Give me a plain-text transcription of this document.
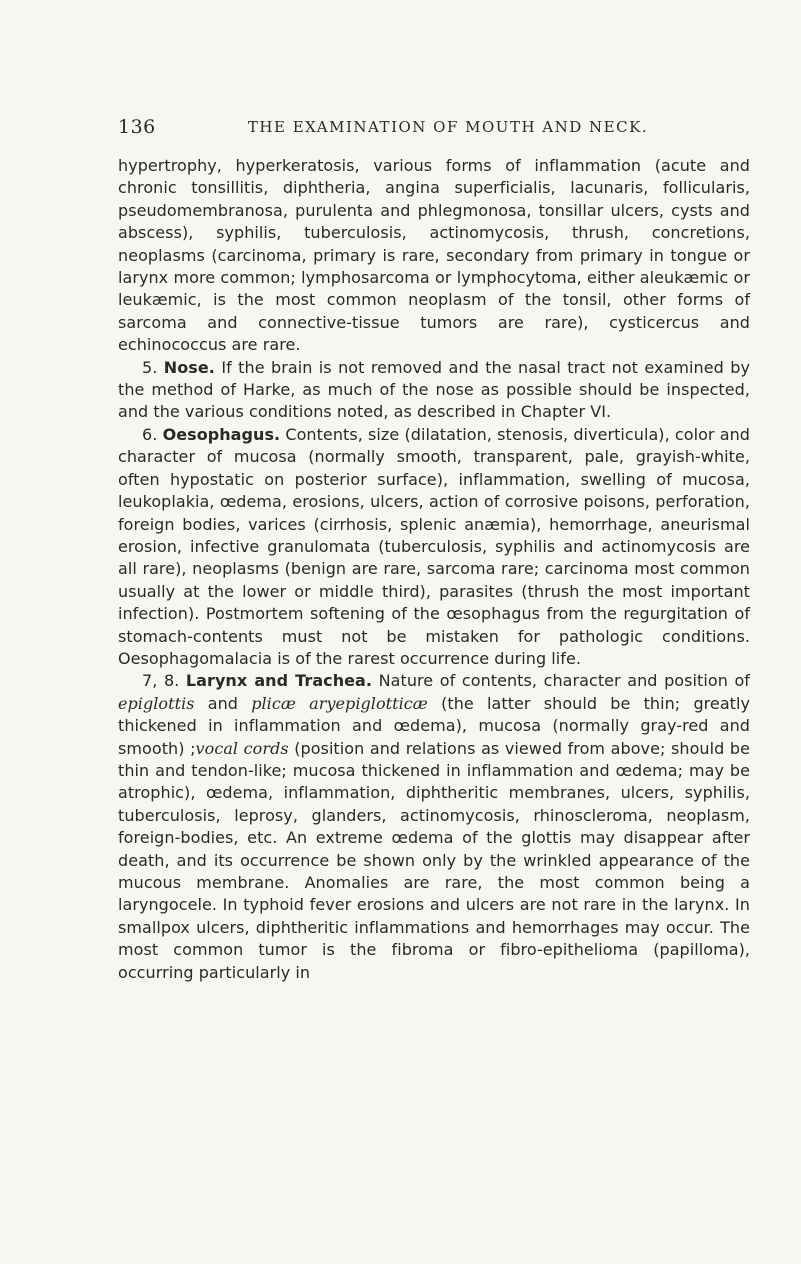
136	THE EXAMINATION OF MOUTH AND NECK.

hypertrophy, hyperkeratosis, various forms of inflammation (acute and chronic tonsillitis, diphtheria, angina superficialis, lacunaris, follicularis, pseudomembranosa, purulenta and phlegmonosa, tonsillar ulcers, cysts and abscess), syphilis, tuberculosis, actinomycosis, thrush, concretions, neoplasms (carcinoma, primary is rare, secondary from primary in tongue or larynx more common; lymphosarcoma or lymphocytoma, either aleukæmic or leukæmic, is the most common neoplasm of the tonsil, other forms of sarcoma and connective-tissue tumors are rare), cysticercus and echinococcus are rare.

5. Nose. If the brain is not removed and the nasal tract not examined by the method of Harke, as much of the nose as possible should be inspected, and the various conditions noted, as described in Chapter VI.

6. Oesophagus. Contents, size (dilatation, stenosis, diverticula), color and character of mucosa (normally smooth, transparent, pale, grayish-white, often hypostatic on posterior surface), inflammation, swelling of mucosa, leukoplakia, œdema, erosions, ulcers, action of corrosive poisons, perforation, foreign bodies, varices (cirrhosis, splenic anæmia), hemorrhage, aneurismal erosion, infective granulomata (tuberculosis, syphilis and actinomycosis are all rare), neoplasms (benign are rare, sarcoma rare; carcinoma most common usually at the lower or middle third), parasites (thrush the most important infection). Postmortem softening of the œsophagus from the regurgitation of stomach-contents must not be mistaken for pathologic conditions. Oesophagomalacia is of the rarest occurrence during life.

7, 8. Larynx and Trachea. Nature of contents, character and position of epiglottis and plicæ aryepiglotticæ (the latter should be thin; greatly thickened in inflammation and œdema), mucosa (normally gray-red and smooth) ;vocal cords (position and relations as viewed from above; should be thin and tendon-like; mucosa thickened in inflammation and œdema; may be atrophic), œdema, inflammation, diphtheritic membranes, ulcers, syphilis, tuberculosis, leprosy, glanders, actinomycosis, rhinoscleroma, neoplasm, foreign-bodies, etc. An extreme œdema of the glottis may disappear after death, and its occurrence be shown only by the wrinkled appearance of the mucous membrane. Anomalies are rare, the most common being a laryngocele. In typhoid fever erosions and ulcers are not rare in the larynx. In smallpox ulcers, diphtheritic inflammations and hemorrhages may occur. The most common tumor is the fibroma or fibro-epithelioma (papilloma), occurring particularly in
